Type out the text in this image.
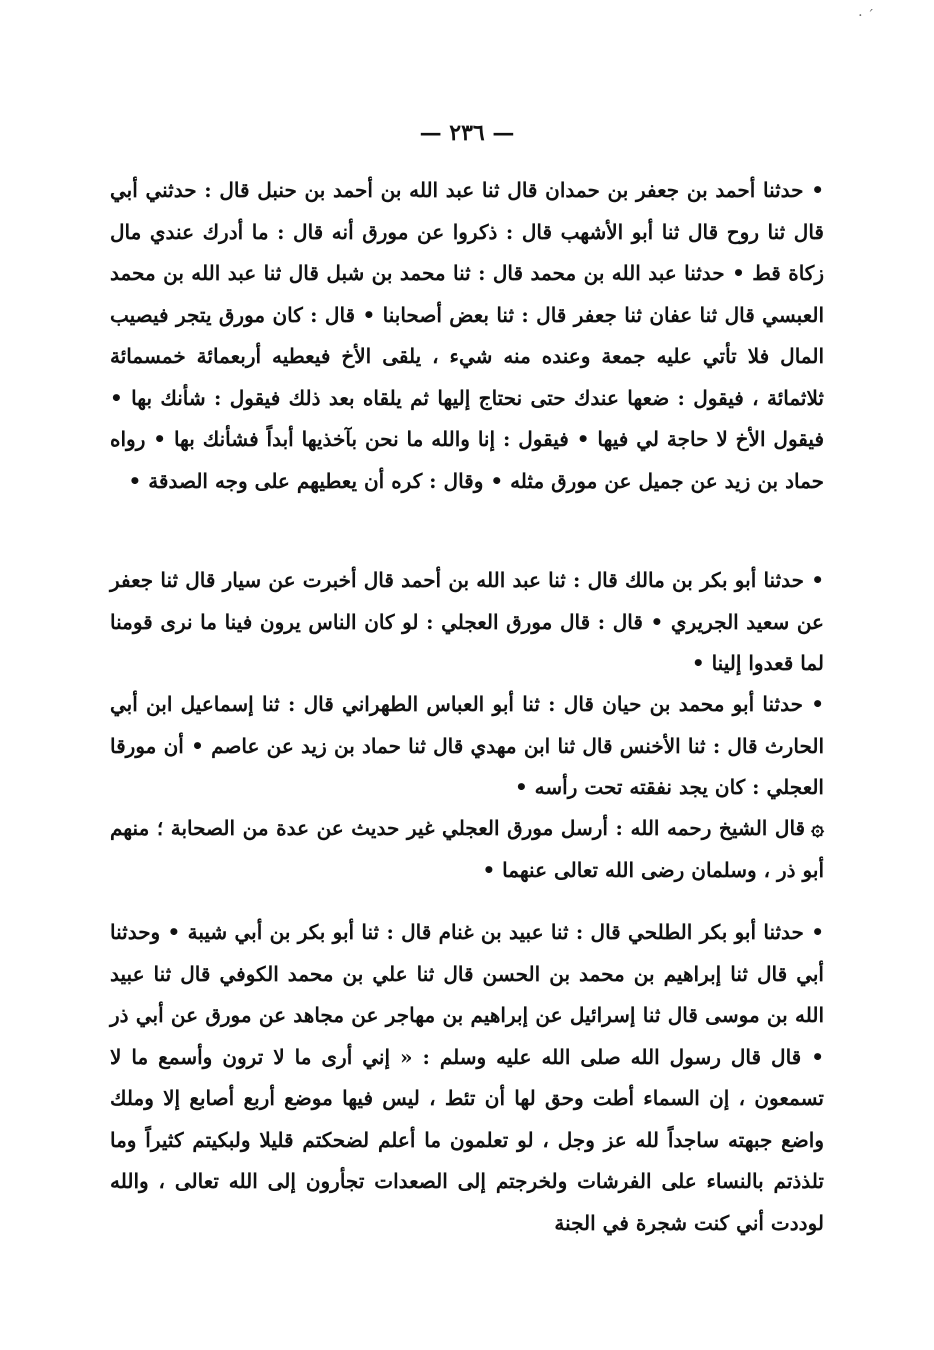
· ˊ
— ٢٣٦ —

• حدثنا أحمد بن جعفر بن حمدان قال ثنا عبد الله بن أحمد بن حنبل قال : حدثني أبي قال ثنا روح قال ثنا أبو الأشهب قال : ذكروا عن مورق أنه قال : ما أدرك عندي مال زكاة قط • حدثنا عبد الله بن محمد قال : ثنا محمد بن شبل قال ثنا عبد الله بن محمد العبسي قال ثنا عفان ثنا جعفر قال : ثنا بعض أصحابنا • قال : كان مورق يتجر فيصيب المال فلا تأتي عليه جمعة وعنده منه شيء ، يلقى الأخ فيعطيه أربعمائة خمسمائة ثلاثمائة ، فيقول : ضعها عندك حتى نحتاج إليها ثم يلقاه بعد ذلك فيقول : شأنك بها • فيقول الأخ لا حاجة لي فيها • فيقول : إنا والله ما نحن بآخذيها أبداً فشأنك بها • رواه حماد بن زيد عن جميل عن مورق مثله • وقال : كره أن يعطيهم على وجه الصدقة •

• حدثنا أبو بكر بن مالك قال : ثنا عبد الله بن أحمد قال أخبرت عن سيار قال ثنا جعفر عن سعيد الجريري • قال : قال مورق العجلي : لو كان الناس يرون فينا ما نرى قومنا لما قعدوا إلينا •

• حدثنا أبو محمد بن حيان قال : ثنا أبو العباس الطهراني قال : ثنا إسماعيل ابن أبي الحارث قال : ثنا الأخنس قال ثنا ابن مهدي قال ثنا حماد بن زيد عن عاصم • أن مورقا العجلي : كان يجد نفقته تحت رأسه •

۞قال الشيخ رحمه الله : أرسل مورق العجلي غير حديث عن عدة من الصحابة ؛ منهم أبو ذر ، وسلمان رضى الله تعالى عنهما •

• حدثنا أبو بكر الطلحي قال : ثنا عبيد بن غنام قال : ثنا أبو بكر بن أبي شيبة • وحدثنا أبي قال ثنا إبراهيم بن محمد بن الحسن قال ثنا علي بن محمد الكوفي قال ثنا عبيد الله بن موسى قال ثنا إسرائيل عن إبراهيم بن مهاجر عن مجاهد عن مورق عن أبي ذر • قال قال رسول الله صلى الله عليه وسلم : « إني أرى ما لا ترون وأسمع ما لا تسمعون ، إن السماء أطت وحق لها أن تئط ، ليس فيها موضع أربع أصابع إلا وملك واضع جبهته ساجداً لله عز وجل ، لو تعلمون ما أعلم لضحكتم قليلا ولبكيتم كثيراً وما تلذذتم بالنساء على الفرشات ولخرجتم إلى الصعدات تجأرون إلى الله تعالى ، والله لوددت أني كنت شجرة في الجنة
